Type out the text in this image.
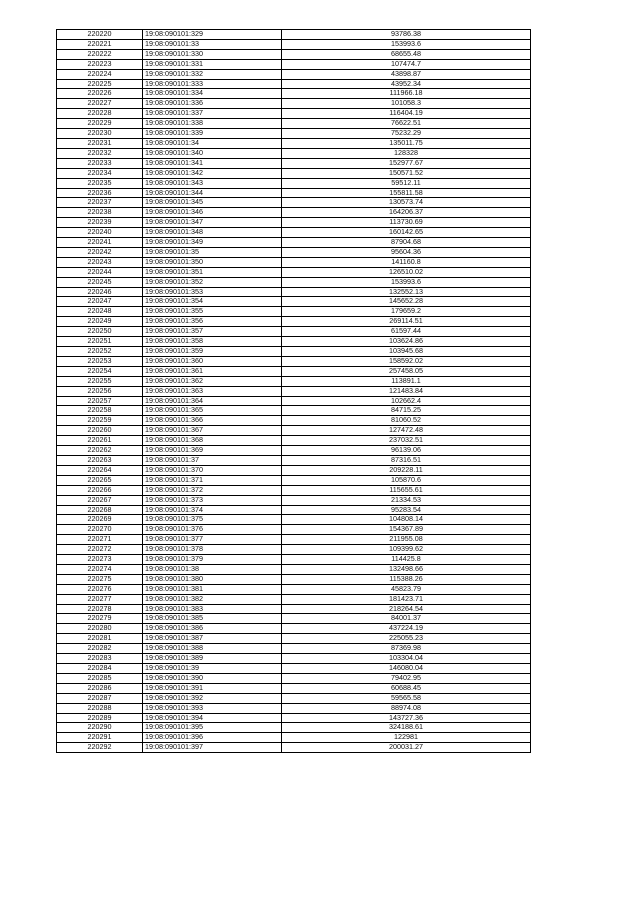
220220	19:08:090101:329	93786.38
220221	19:08:090101:33	153993.6
220222	19:08:090101:330	68655.48
220223	19:08:090101:331	107474.7
220224	19:08:090101:332	43898.87
220225	19:08:090101:333	43952.34
220226	19:08:090101:334	111966.18
220227	19:08:090101:336	101058.3
220228	19:08:090101:337	116404.19
220229	19:08:090101:338	76622.51
220230	19:08:090101:339	75232.29
220231	19:08:090101:34	135011.75
220232	19:08:090101:340	128328
220233	19:08:090101:341	152977.67
220234	19:08:090101:342	150571.52
220235	19:08:090101:343	59512.11
220236	19:08:090101:344	155811.58
220237	19:08:090101:345	130573.74
220238	19:08:090101:346	164206.37
220239	19:08:090101:347	113730.69
220240	19:08:090101:348	160142.65
220241	19:08:090101:349	87904.68
220242	19:08:090101:35	95604.36
220243	19:08:090101:350	141160.8
220244	19:08:090101:351	126510.02
220245	19:08:090101:352	153993.6
220246	19:08:090101:353	132552.13
220247	19:08:090101:354	145652.28
220248	19:08:090101:355	179659.2
220249	19:08:090101:356	269114.51
220250	19:08:090101:357	61597.44
220251	19:08:090101:358	103624.86
220252	19:08:090101:359	103945.68
220253	19:08:090101:360	158592.02
220254	19:08:090101:361	257458.05
220255	19:08:090101:362	113891.1
220256	19:08:090101:363	121483.84
220257	19:08:090101:364	102662.4
220258	19:08:090101:365	84715.25
220259	19:08:090101:366	81060.52
220260	19:08:090101:367	127472.48
220261	19:08:090101:368	237032.51
220262	19:08:090101:369	96139.06
220263	19:08:090101:37	87316.51
220264	19:08:090101:370	209228.11
220265	19:08:090101:371	105870.6
220266	19:08:090101:372	115655.61
220267	19:08:090101:373	21334.53
220268	19:08:090101:374	95283.54
220269	19:08:090101:375	104808.14
220270	19:08:090101:376	154367.89
220271	19:08:090101:377	211955.08
220272	19:08:090101:378	109399.62
220273	19:08:090101:379	114425.8
220274	19:08:090101:38	132498.66
220275	19:08:090101:380	115388.26
220276	19:08:090101:381	45823.79
220277	19:08:090101:382	181423.71
220278	19:08:090101:383	218264.54
220279	19:08:090101:385	84001.37
220280	19:08:090101:386	437224.19
220281	19:08:090101:387	225055.23
220282	19:08:090101:388	87369.98
220283	19:08:090101:389	103304.04
220284	19:08:090101:39	146080.04
220285	19:08:090101:390	79402.95
220286	19:08:090101:391	60688.45
220287	19:08:090101:392	59565.58
220288	19:08:090101:393	88974.08
220289	19:08:090101:394	143727.36
220290	19:08:090101:395	324188.61
220291	19:08:090101:396	122981
220292	19:08:090101:397	200031.27
